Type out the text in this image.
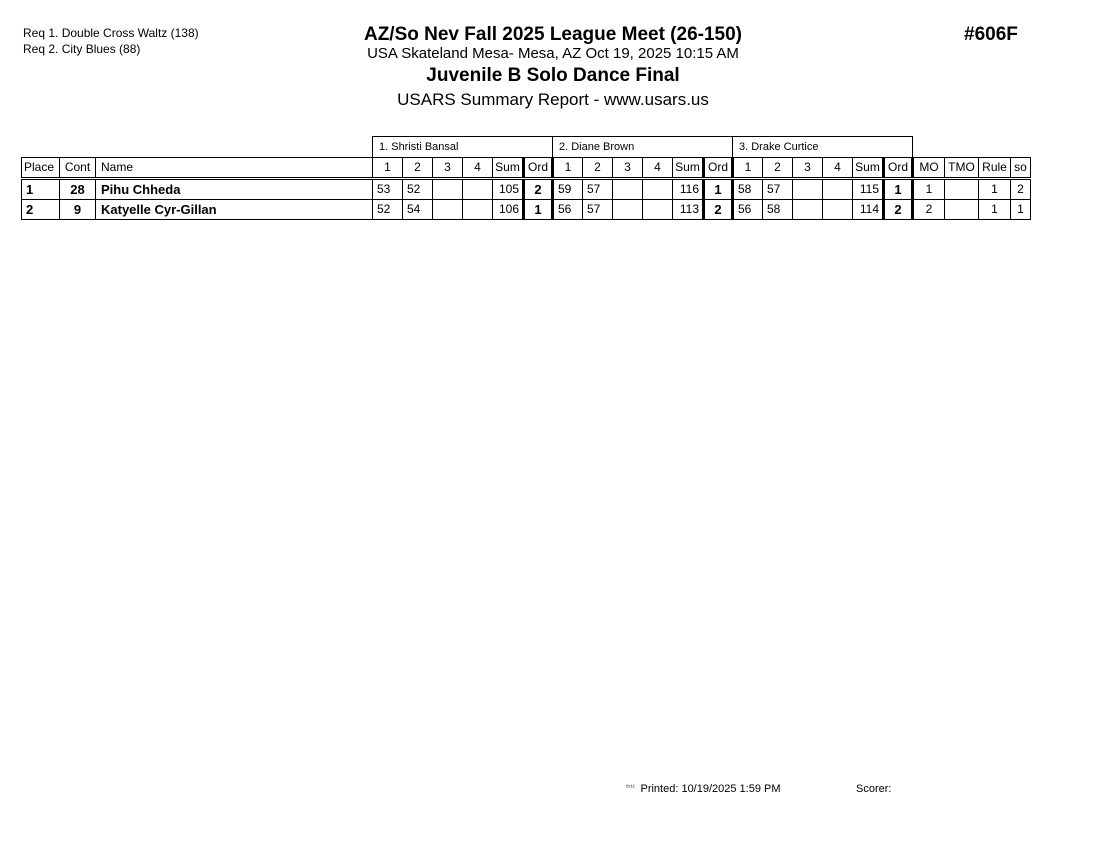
Req 1. Double Cross Waltz (138)
Req 2. City Blues (88)
AZ/So Nev Fall 2025 League Meet (26-150)
USA Skateland Mesa- Mesa, AZ Oct 19, 2025 10:15 AM
Juvenile B Solo Dance Final
USARS Summary Report - www.usars.us
#606F
			1. Shristi Bansal						2. Diane Brown						3. Drake Curtice									
Place	Cont	Name	1	2	3	4	Sum	Ord	1	2	3	4	Sum	Ord	1	2	3	4	Sum	Ord	MO	TMO	Rule	so
1	28	Pihu Chheda	53	52			105	2	59	57			116	1	58	57			115	1	1		1	2
2	9	Katyelle Cyr-Gillan	52	54			106	1	56	57			113	2	56	58			114	2	2		1	1
$^{^{2512}}$ Printed: 10/19/2025 1:59 PM	Scorer:
